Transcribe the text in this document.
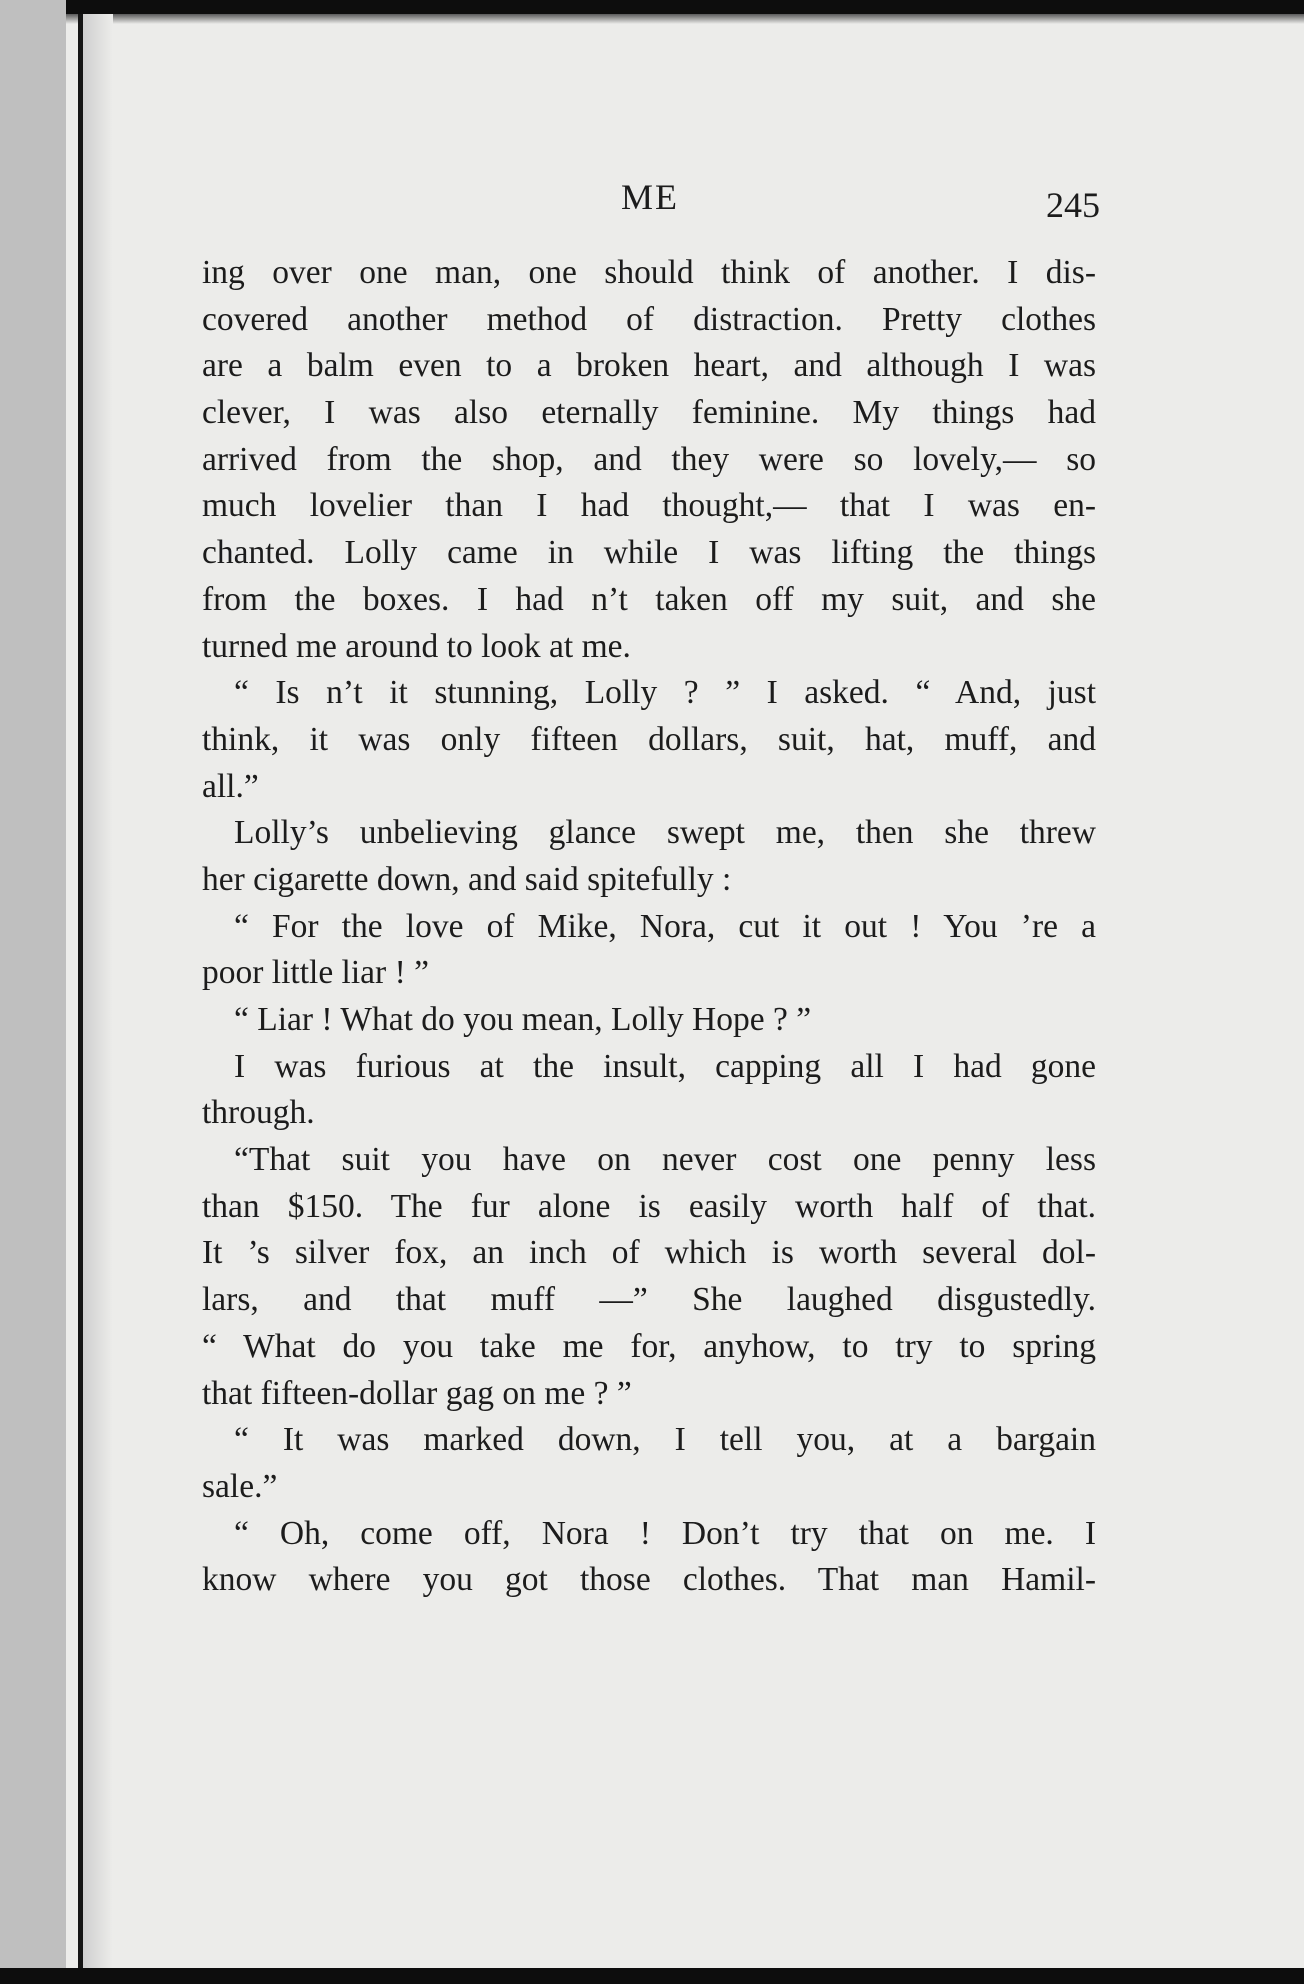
ME	245
ing over one man, one should think of another. I dis-
covered another method of distraction. Pretty clothes
are a balm even to a broken heart, and although I was
clever, I was also eternally feminine. My things had
arrived from the shop, and they were so lovely,— so
much lovelier than I had thought,— that I was en-
chanted. Lolly came in while I was lifting the things
from the boxes. I had n’t taken off my suit, and she
turned me around to look at me.
“ Is n’t it stunning, Lolly ? ” I asked. “ And, just
think, it was only fifteen dollars, suit, hat, muff, and
all.”
Lolly’s unbelieving glance swept me, then she threw
her cigarette down, and said spitefully :
“ For the love of Mike, Nora, cut it out ! You ’re a
poor little liar ! ”
“ Liar ! What do you mean, Lolly Hope ? ”
I was furious at the insult, capping all I had gone
through.
“That suit you have on never cost one penny less
than $150. The fur alone is easily worth half of that.
It ’s silver fox, an inch of which is worth several dol-
lars, and that muff —” She laughed disgustedly.
“ What do you take me for, anyhow, to try to spring
that fifteen-dollar gag on me ? ”
“ It was marked down, I tell you, at a bargain
sale.”
“ Oh, come off, Nora ! Don’t try that on me. I
know where you got those clothes. That man Hamil-
